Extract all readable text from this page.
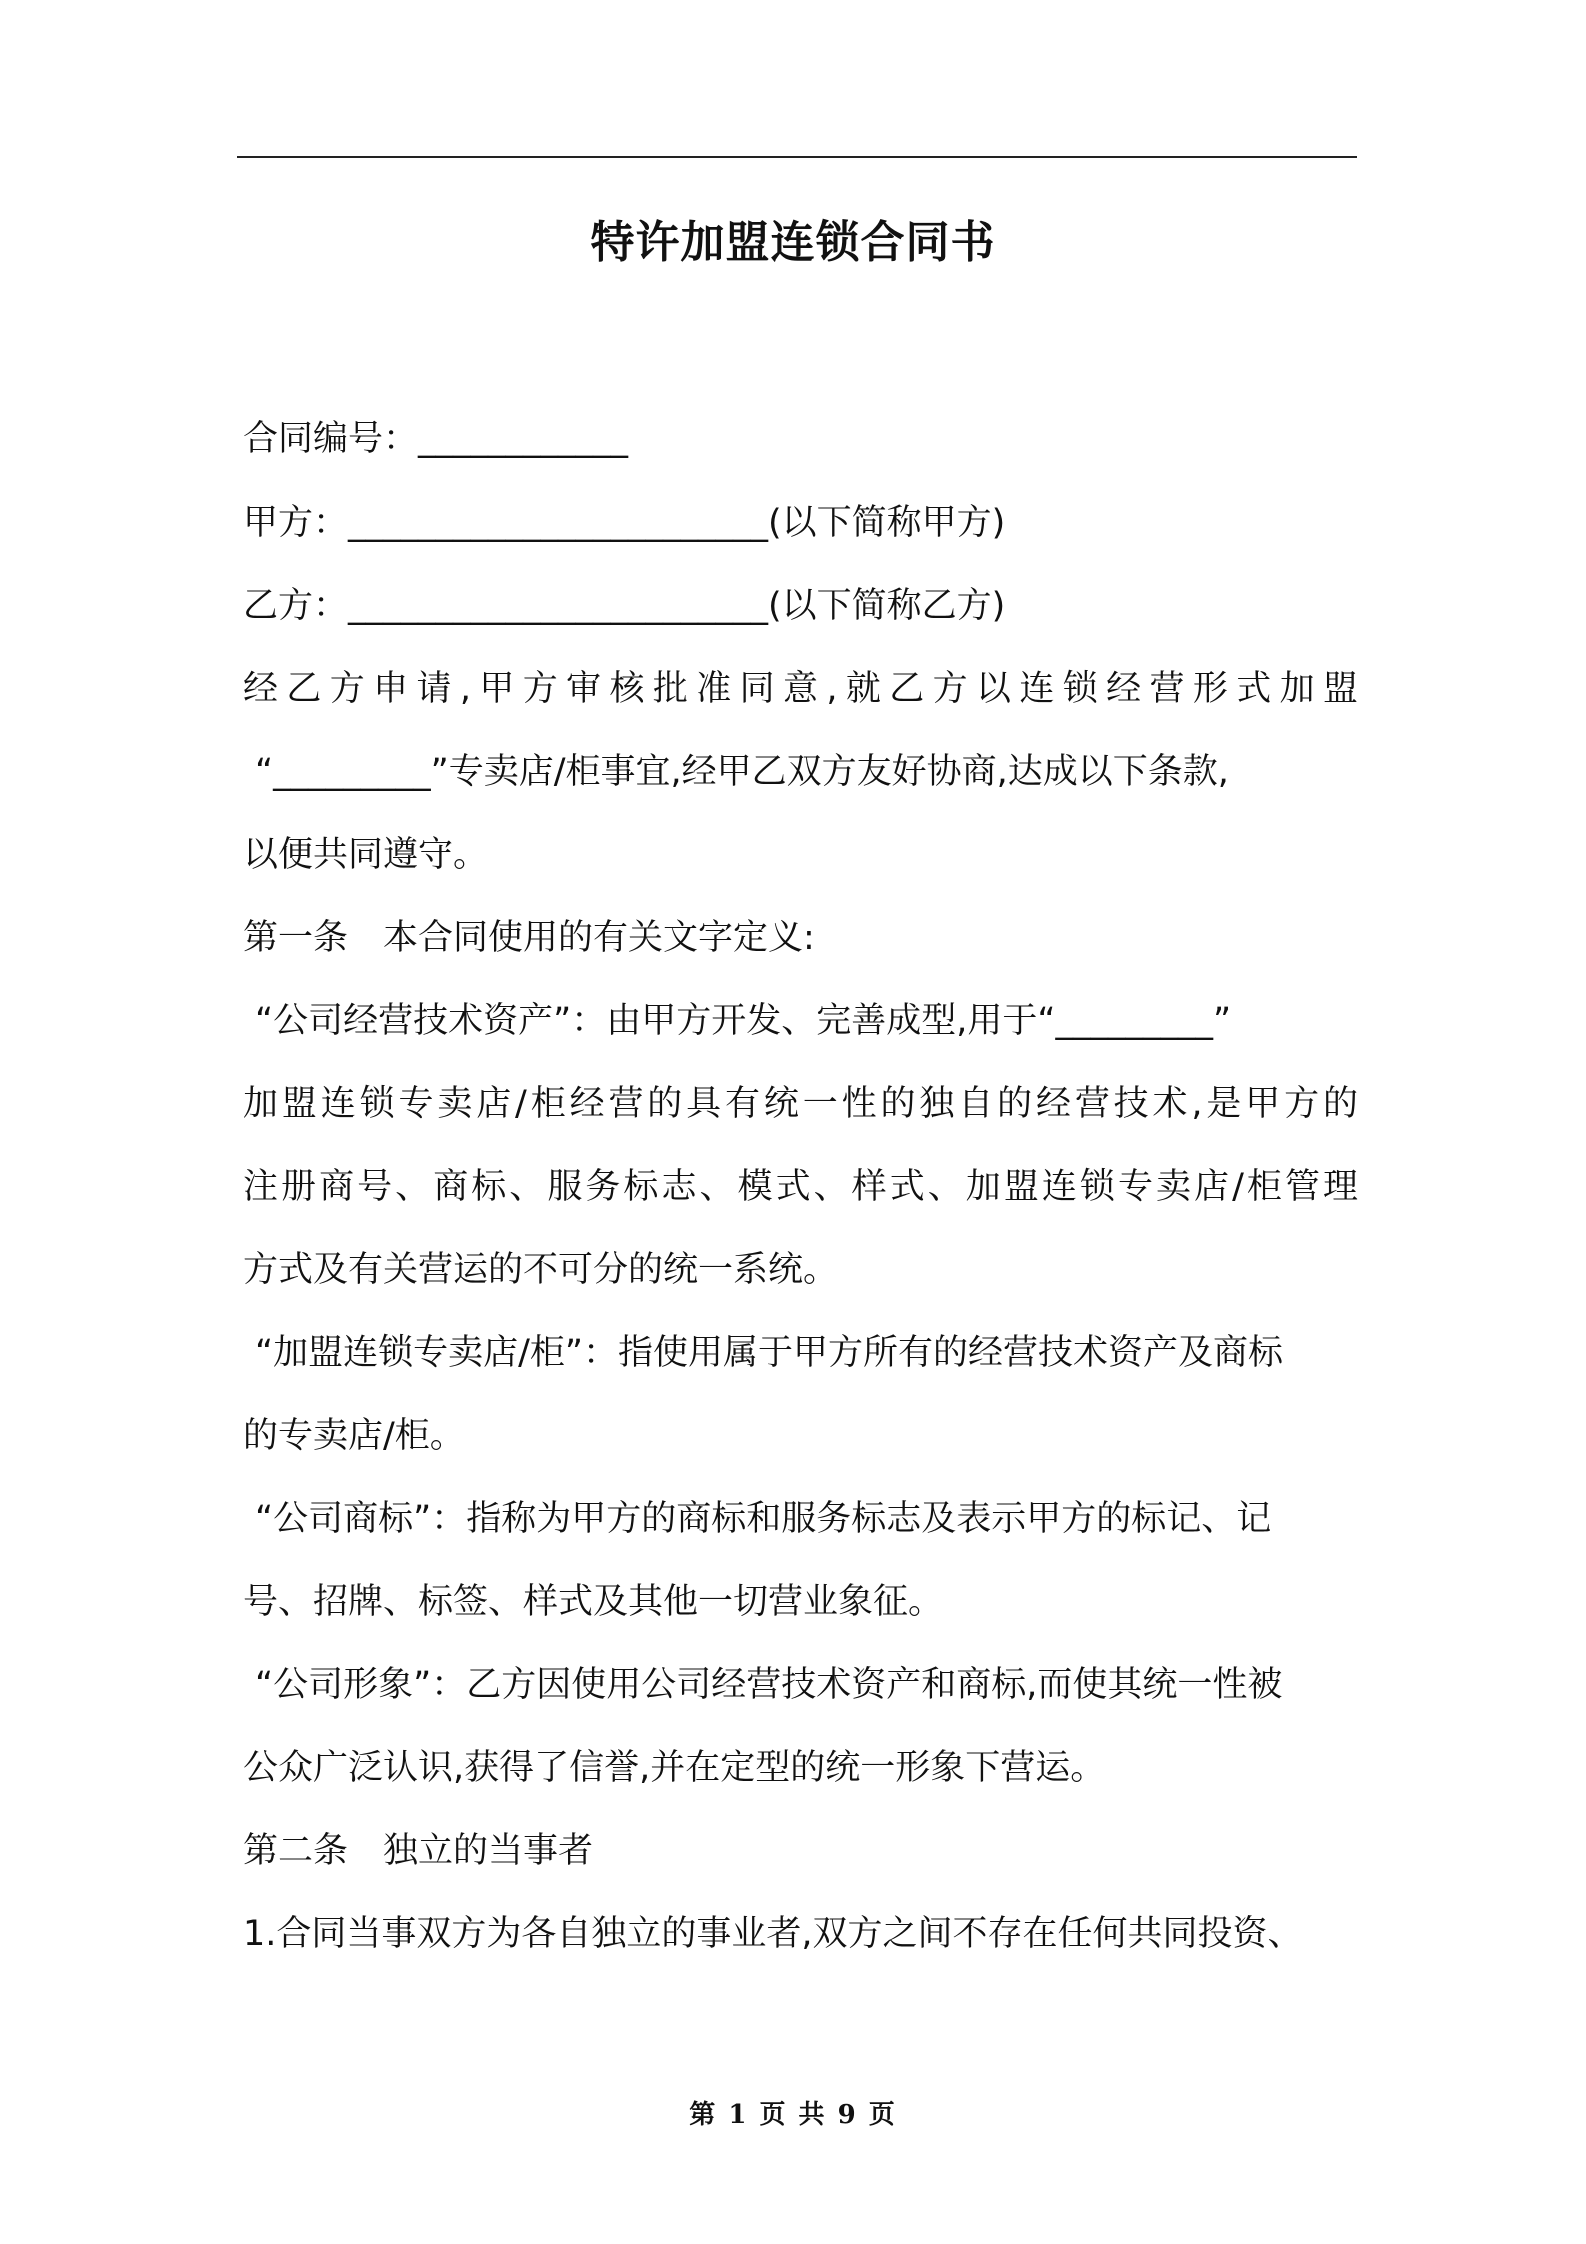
特许加盟连锁合同书
合同编号：____________
甲方：________________________(以下简称甲方)
乙方：________________________(以下简称乙方)
经乙方申请,甲方审核批准同意,就乙方以连锁经营形式加盟
“_________”专卖店/柜事宜,经甲乙双方友好协商,达成以下条款,
以便共同遵守。
第一条　本合同使用的有关文字定义:
“公司经营技术资产”：由甲方开发、完善成型,用于“_________”
加盟连锁专卖店/柜经营的具有统一性的独自的经营技术,是甲方的
注册商号、商标、服务标志、模式、样式、加盟连锁专卖店/柜管理
方式及有关营运的不可分的统一系统。
“加盟连锁专卖店/柜”：指使用属于甲方所有的经营技术资产及商标
的专卖店/柜。
“公司商标”：指称为甲方的商标和服务标志及表示甲方的标记、记
号、招牌、标签、样式及其他一切营业象征。
“公司形象”：乙方因使用公司经营技术资产和商标,而使其统一性被
公众广泛认识,获得了信誉,并在定型的统一形象下营运。
第二条　独立的当事者
1.合同当事双方为各自独立的事业者,双方之间不存在任何共同投资、
第 1 页 共 9 页
